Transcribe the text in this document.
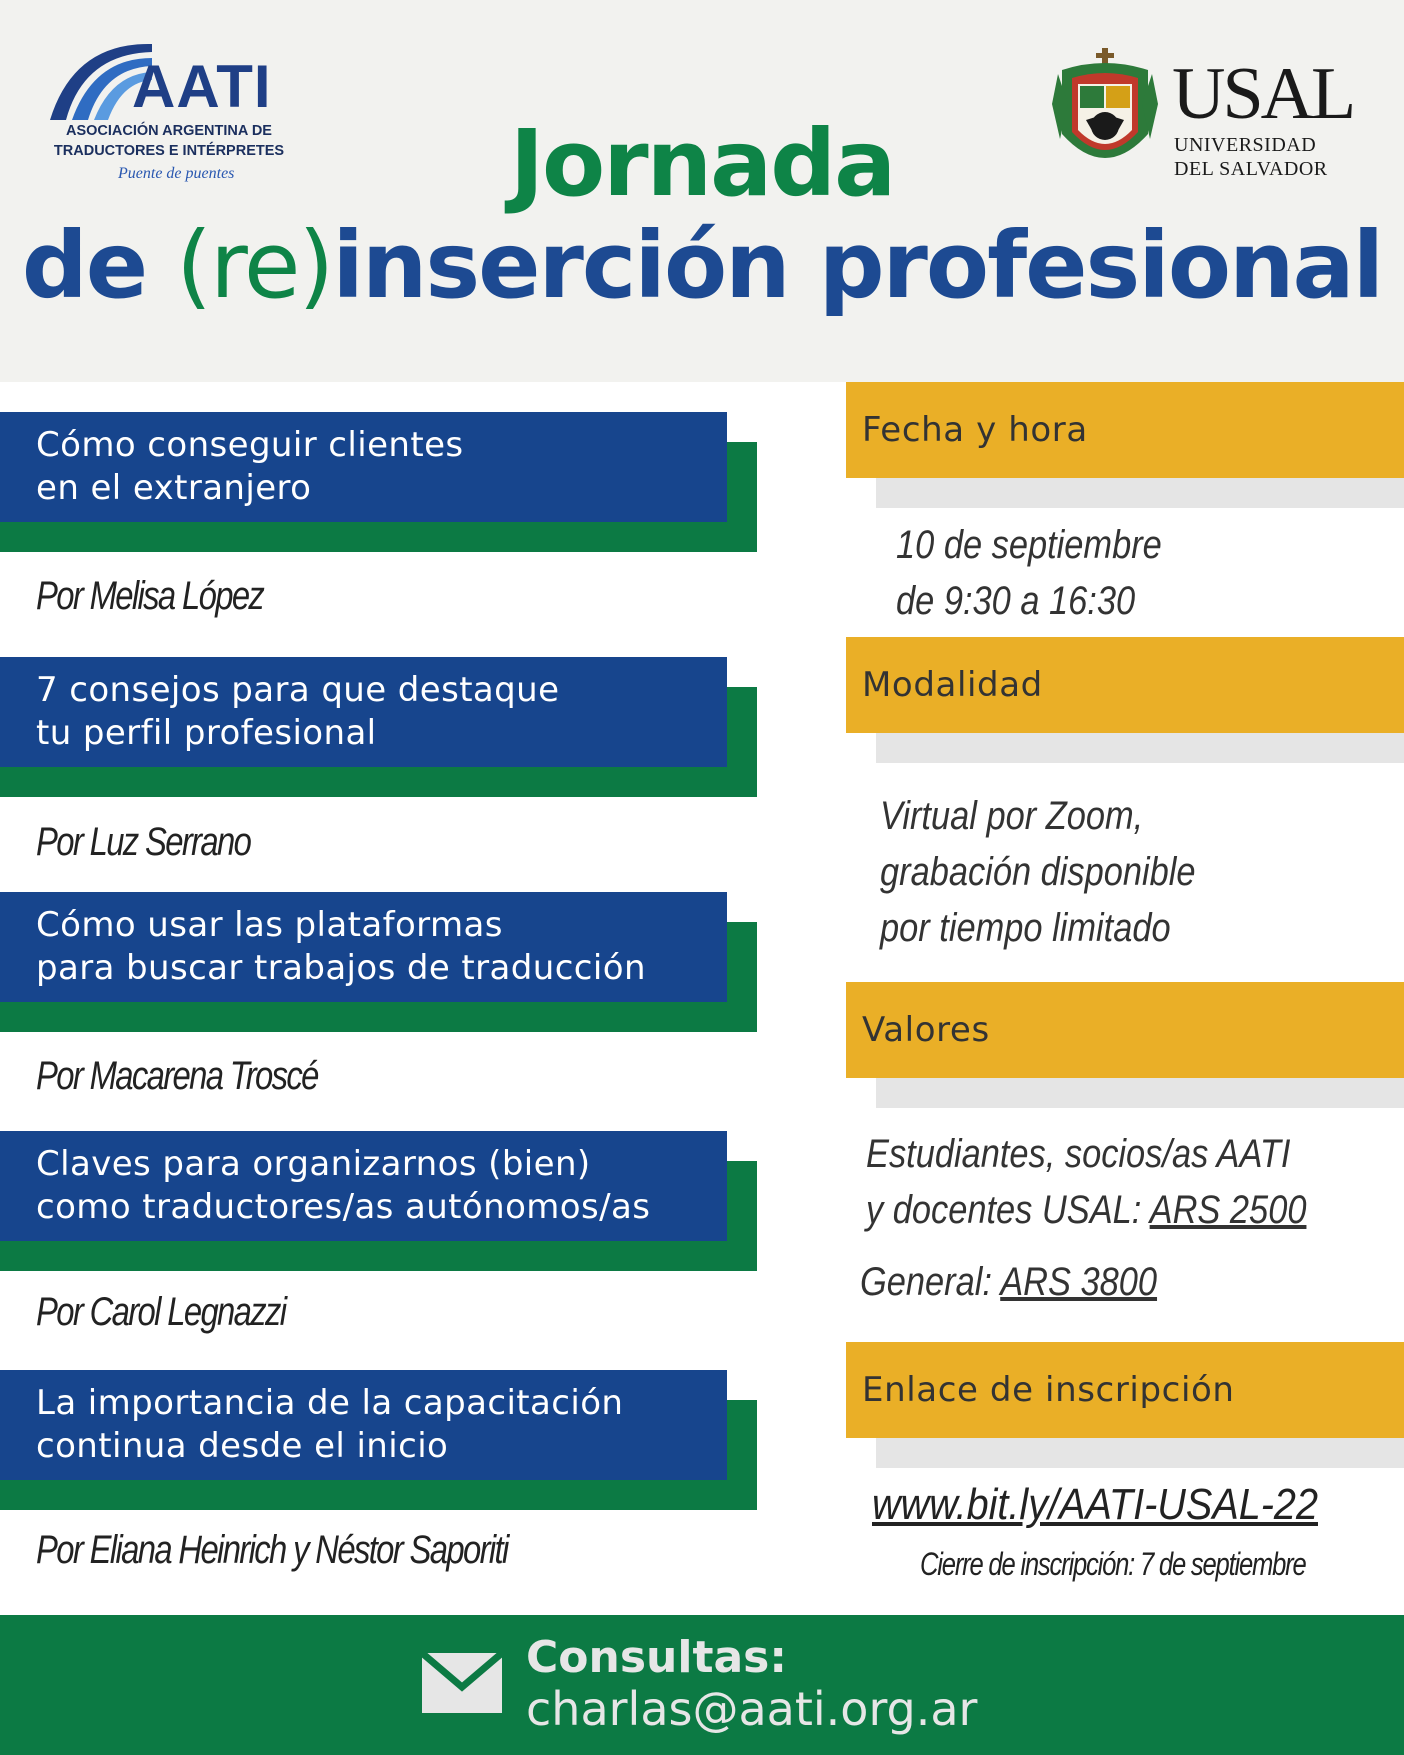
AATI
ASOCIACIÓN ARGENTINA DE
TRADUCTORES E INTÉRPRETES
Puente de puentes
USAL
UNIVERSIDAD
DEL SALVADOR
Jornada
de (re)inserción profesional
Cómo conseguir clientes
en el extranjero
Por Melisa López
7 consejos para que destaque
tu perfil profesional
Por Luz Serrano
Cómo usar las plataformas
para buscar trabajos de traducción
Por Macarena Troscé
Claves para organizarnos (bien)
como traductores/as autónomos/as
Por Carol Legnazzi
La importancia de la capacitación
continua desde el inicio
Por Eliana Heinrich y Néstor Saporiti
Fecha y hora
10 de septiembre
de 9:30 a 16:30
Modalidad
Virtual por Zoom,
grabación disponible
por tiempo limitado
Valores
Estudiantes, socios/as AATI
y docentes USAL: ARS 2500
General: ARS 3800
Enlace de inscripción
www.bit.ly/AATI-USAL-22
Cierre de inscripción: 7 de septiembre
Consultas:
charlas@aati.org.ar
